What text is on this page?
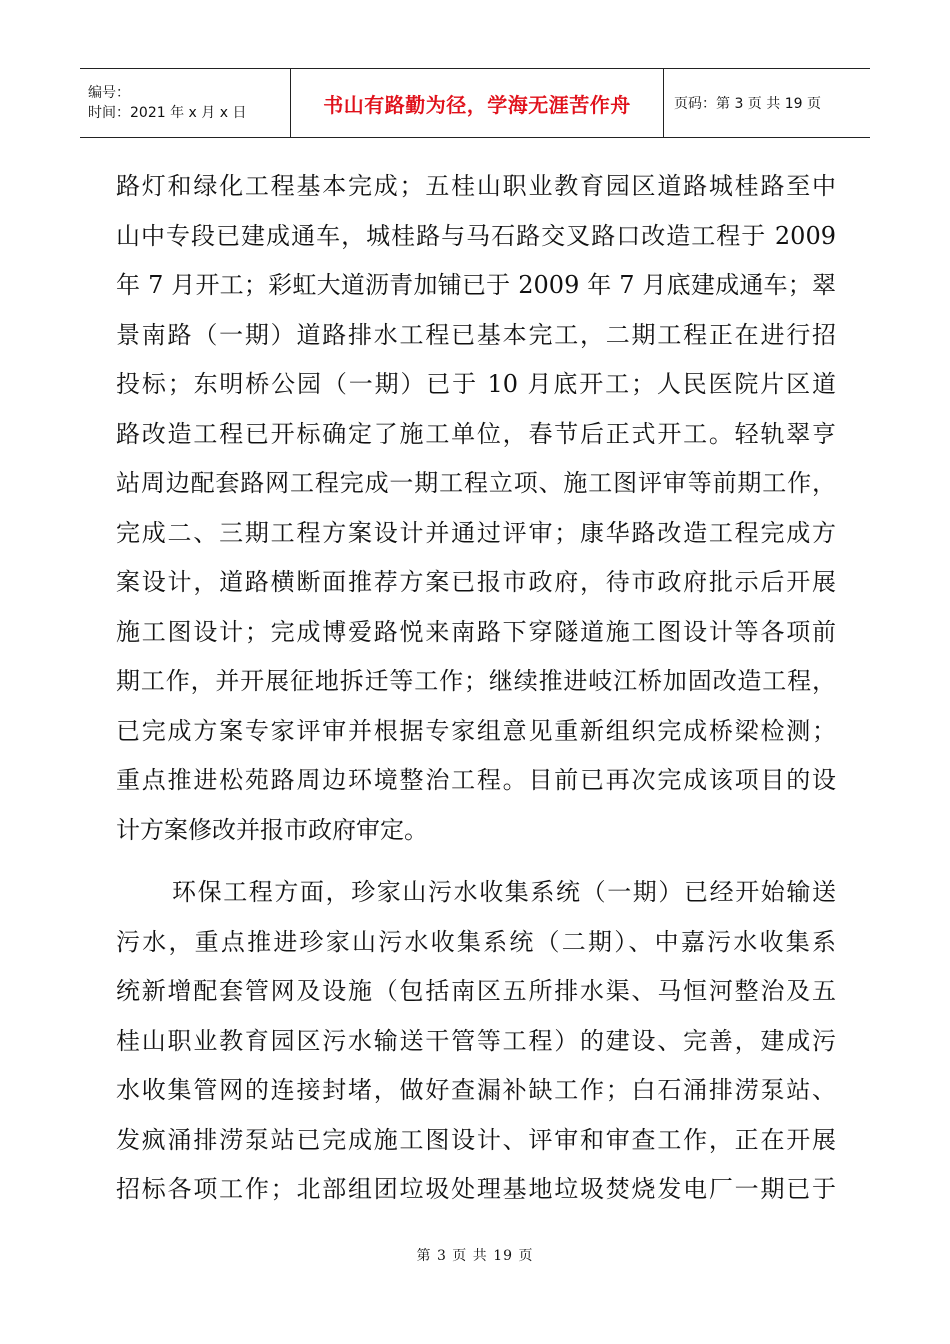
编号：
时间：2021 年 x 月 x 日	书山有路勤为径，学海无涯苦作舟	页码：第 3 页 共 19 页
路灯和绿化工程基本完成；五桂山职业教育园区道路城桂路至中
山中专段已建成通车，城桂路与马石路交叉路口改造工程于 2009
年 7 月开工；彩虹大道沥青加铺已于 2009 年 7 月底建成通车；翠
景南路（一期）道路排水工程已基本完工，二期工程正在进行招
投标；东明桥公园（一期）已于 10 月底开工；人民医院片区道
路改造工程已开标确定了施工单位，春节后正式开工。轻轨翠亨
站周边配套路网工程完成一期工程立项、施工图评审等前期工作，
完成二、三期工程方案设计并通过评审；康华路改造工程完成方
案设计，道路横断面推荐方案已报市政府，待市政府批示后开展
施工图设计；完成博爱路悦来南路下穿隧道施工图设计等各项前
期工作，并开展征地拆迁等工作；继续推进岐江桥加固改造工程，
已完成方案专家评审并根据专家组意见重新组织完成桥梁检测；
重点推进松苑路周边环境整治工程。目前已再次完成该项目的设
计方案修改并报市政府审定。
环保工程方面，珍家山污水收集系统（一期）已经开始输送
污水，重点推进珍家山污水收集系统（二期）、中嘉污水收集系
统新增配套管网及设施（包括南区五所排水渠、马恒河整治及五
桂山职业教育园区污水输送干管等工程）的建设、完善，建成污
水收集管网的连接封堵，做好查漏补缺工作；白石涌排涝泵站、
发疯涌排涝泵站已完成施工图设计、评审和审查工作，正在开展
招标各项工作；北部组团垃圾处理基地垃圾焚烧发电厂一期已于
第 3 页 共 19 页
